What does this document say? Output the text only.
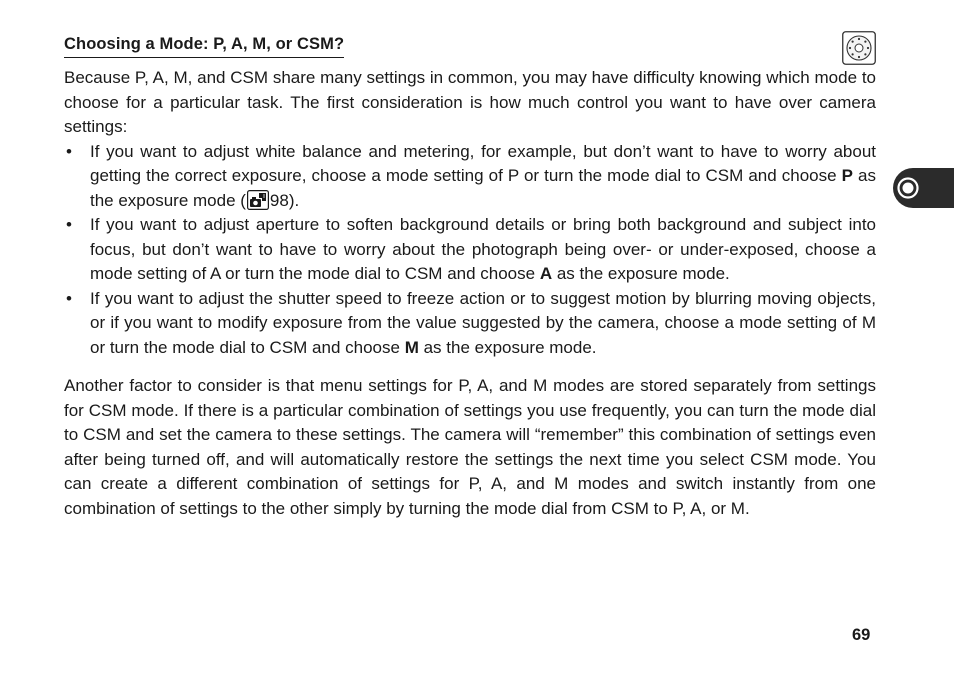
Choosing a Mode: P, A, M, or CSM?

Because P, A, M, and CSM share many settings in common, you may have difficulty knowing which mode to choose for a particular task. The first consideration is how much control you want to have over camera settings:

• If you want to adjust white balance and metering, for example, but don’t want to have to worry about getting the correct exposure, choose a mode setting of P or turn the mode dial to CSM and choose P as the exposure mode ( 98).
• If you want to adjust aperture to soften background details or bring both background and subject into focus, but don’t want to have to worry about the photograph being over- or under-exposed, choose a mode setting of A or turn the mode dial to CSM and choose A as the exposure mode.
• If you want to adjust the shutter speed to freeze action or to suggest motion by blurring moving objects, or if you want to modify exposure from the value suggested by the camera, choose a mode setting of M or turn the mode dial to CSM and choose M as the exposure mode.

Another factor to consider is that menu settings for P, A, and M modes are stored separately from settings for CSM mode. If there is a particular combination of settings you use frequently, you can turn the mode dial to CSM and set the camera to these settings. The camera will “remember” this combination of settings even after being turned off, and will automatically restore the settings the next time you select CSM mode. You can create a different combination of settings for P, A, and M modes and switch instantly from one combination of settings to the other simply by turning the mode dial from CSM to P, A, or M.

69
